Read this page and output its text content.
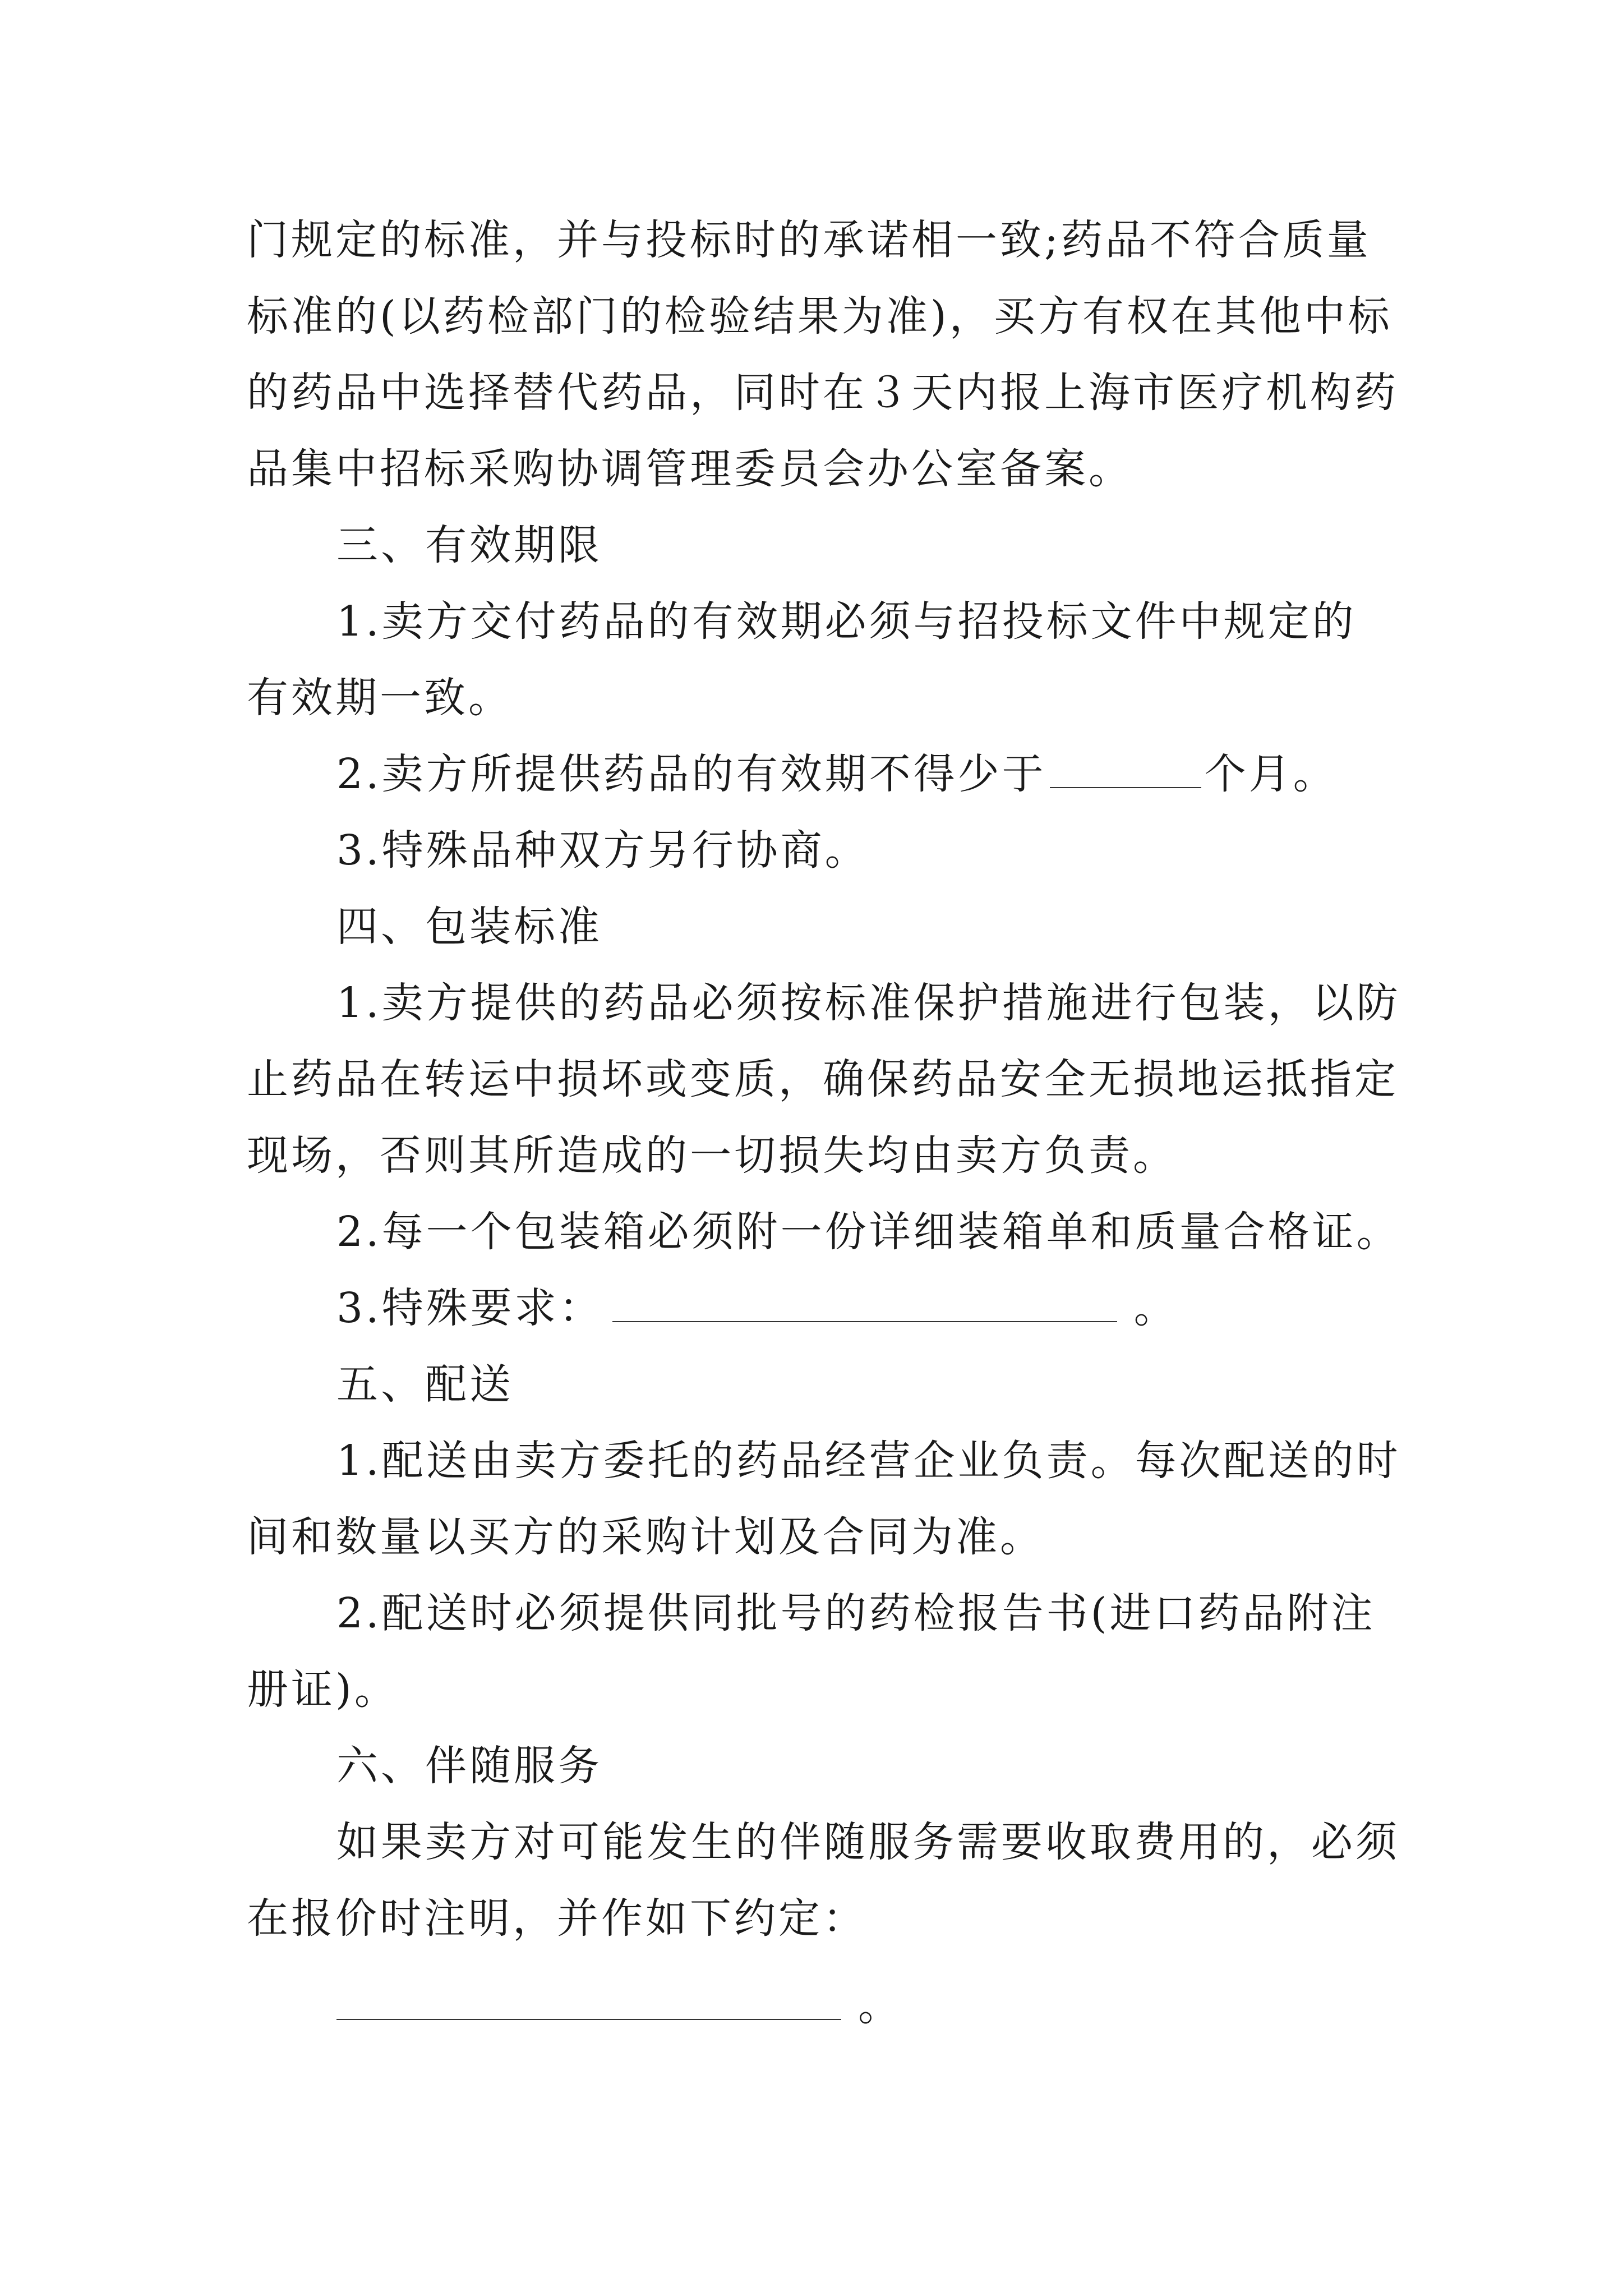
门规定的标准，并与投标时的承诺相一致;药品不符合质量
标准的(以药检部门的检验结果为准)，买方有权在其他中标
的药品中选择替代药品，同时在３天内报上海市医疗机构药
品集中招标采购协调管理委员会办公室备案。
三、有效期限
1.卖方交付药品的有效期必须与招投标文件中规定的
有效期一致。
2.卖方所提供药品的有效期不得少于	个月。
3.特殊品种双方另行协商。
四、包装标准
1.卖方提供的药品必须按标准保护措施进行包装，以防
止药品在转运中损坏或变质，确保药品安全无损地运抵指定
现场，否则其所造成的一切损失均由卖方负责。
2.每一个包装箱必须附一份详细装箱单和质量合格证。
3.特殊要求：	。
五、配送
1.配送由卖方委托的药品经营企业负责。每次配送的时
间和数量以买方的采购计划及合同为准。
2.配送时必须提供同批号的药检报告书(进口药品附注
册证)。
六、伴随服务
如果卖方对可能发生的伴随服务需要收取费用的，必须
在报价时注明，并作如下约定：
。
